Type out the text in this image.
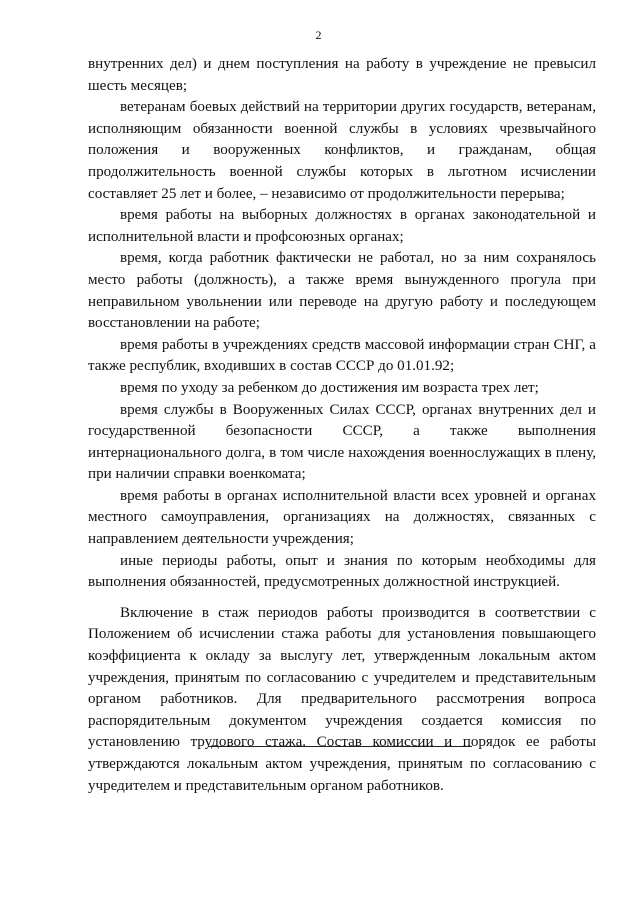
2

внутренних дел) и днем поступления на работу в учреждение не превысил шесть месяцев;

ветеранам боевых действий на территории других государств, ветеранам, исполняющим обязанности военной службы в условиях чрезвычайного положения и вооруженных конфликтов, и гражданам, общая продолжительность военной службы которых в льготном исчислении составляет 25 лет и более, – независимо от продолжительности перерыва;

время работы на выборных должностях в органах законодательной и исполнительной власти и профсоюзных органах;

время, когда работник фактически не работал, но за ним сохранялось место работы (должность), а также время вынужденного прогула при неправильном увольнении или переводе на другую работу и последующем восстановлении на работе;

время работы в учреждениях средств массовой информации стран СНГ, а также республик, входивших в состав СССР до 01.01.92;

время по уходу за ребенком до достижения им возраста трех лет;

время службы в Вооруженных Силах СССР, органах внутренних дел и государственной безопасности СССР, а также выполнения интернационального долга, в том числе нахождения военнослужащих в плену, при наличии справки военкомата;

время работы в органах исполнительной власти всех уровней и органах местного самоуправления, организациях на должностях, связанных с направлением деятельности учреждения;

иные периоды работы, опыт и знания по которым необходимы для выполнения обязанностей, предусмотренных должностной инструкцией.

Включение в стаж периодов работы производится в соответствии с Положением об исчислении стажа работы для установления повышающего коэффициента к окладу за выслугу лет, утвержденным локальным актом учреждения, принятым по согласованию с учредителем и представительным органом работников. Для предварительного рассмотрения вопроса распорядительным документом учреждения создается комиссия по установлению трудового стажа. Состав комиссии и порядок ее работы утверждаются локальным актом учреждения, принятым по согласованию с учредителем и представительным органом работников.
